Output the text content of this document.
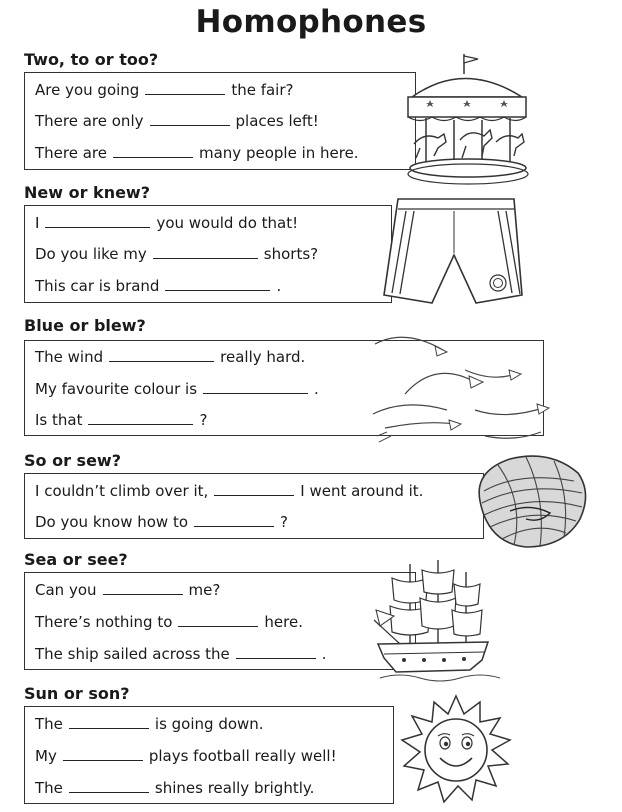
Homophones
Two, to or too?
Are you going	the fair?
There are only	places left!
There are	many people in here.
New or knew?
I	you would do that!
Do you like my	shorts?
This car is brand	.
Blue or blew?
The wind	really hard.
My favourite colour is	.
Is that	?
So or sew?
I couldn’t climb over it,	I went around it.
Do you know how to	?
Sea or see?
Can you	me?
There’s nothing to	here.
The ship sailed across the	.
Sun or son?
The	is going down.
My	plays football really well!
The	shines really brightly.
